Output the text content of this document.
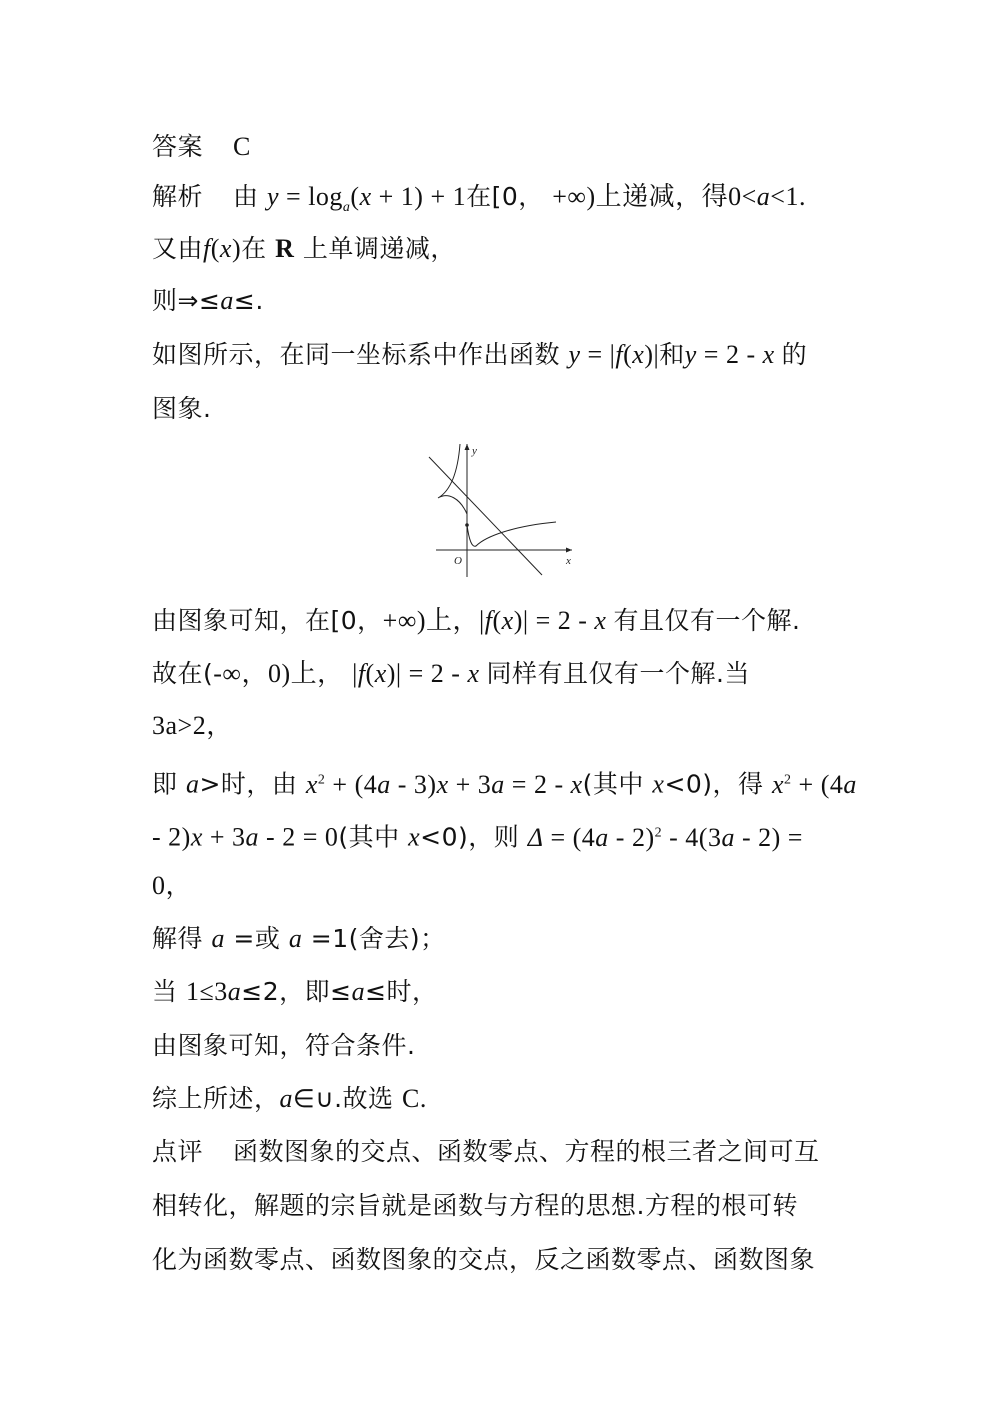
答案 C
解析 由 $y = \log_a(x + 1) + 1$在[0， +∞)上递减，得0<a<1.
又由f(x)在 R 上单调递减，
则⇒≤a≤.
如图所示，在同一坐标系中作出函数 y = |f(x)|和y = 2 - x 的
图象.
x
y
O
由图象可知，在[0，+∞)上，|f(x)| = 2 - x 有且仅有一个解.
故在(-∞，0)上， |f(x)| = 2 - x 同样有且仅有一个解.当
3a>2，
即 a>时，由 $x^2 + (4a - 3)x + 3a = 2 - x$(其中 x<0)，得 $x^2 + (4a$
- 2)x + 3a - 2 = 0(其中 x<0)，则 Δ = (4a - 2)$^2$ - 4(3a - 2) =
0，
解得 a =或 a =1(舍去)；
当 1≤3a≤2，即≤a≤时，
由图象可知，符合条件.
综上所述，a∈∪.故选 C.
点评 函数图象的交点、函数零点、方程的根三者之间可互
相转化，解题的宗旨就是函数与方程的思想.方程的根可转
化为函数零点、函数图象的交点，反之函数零点、函数图象
